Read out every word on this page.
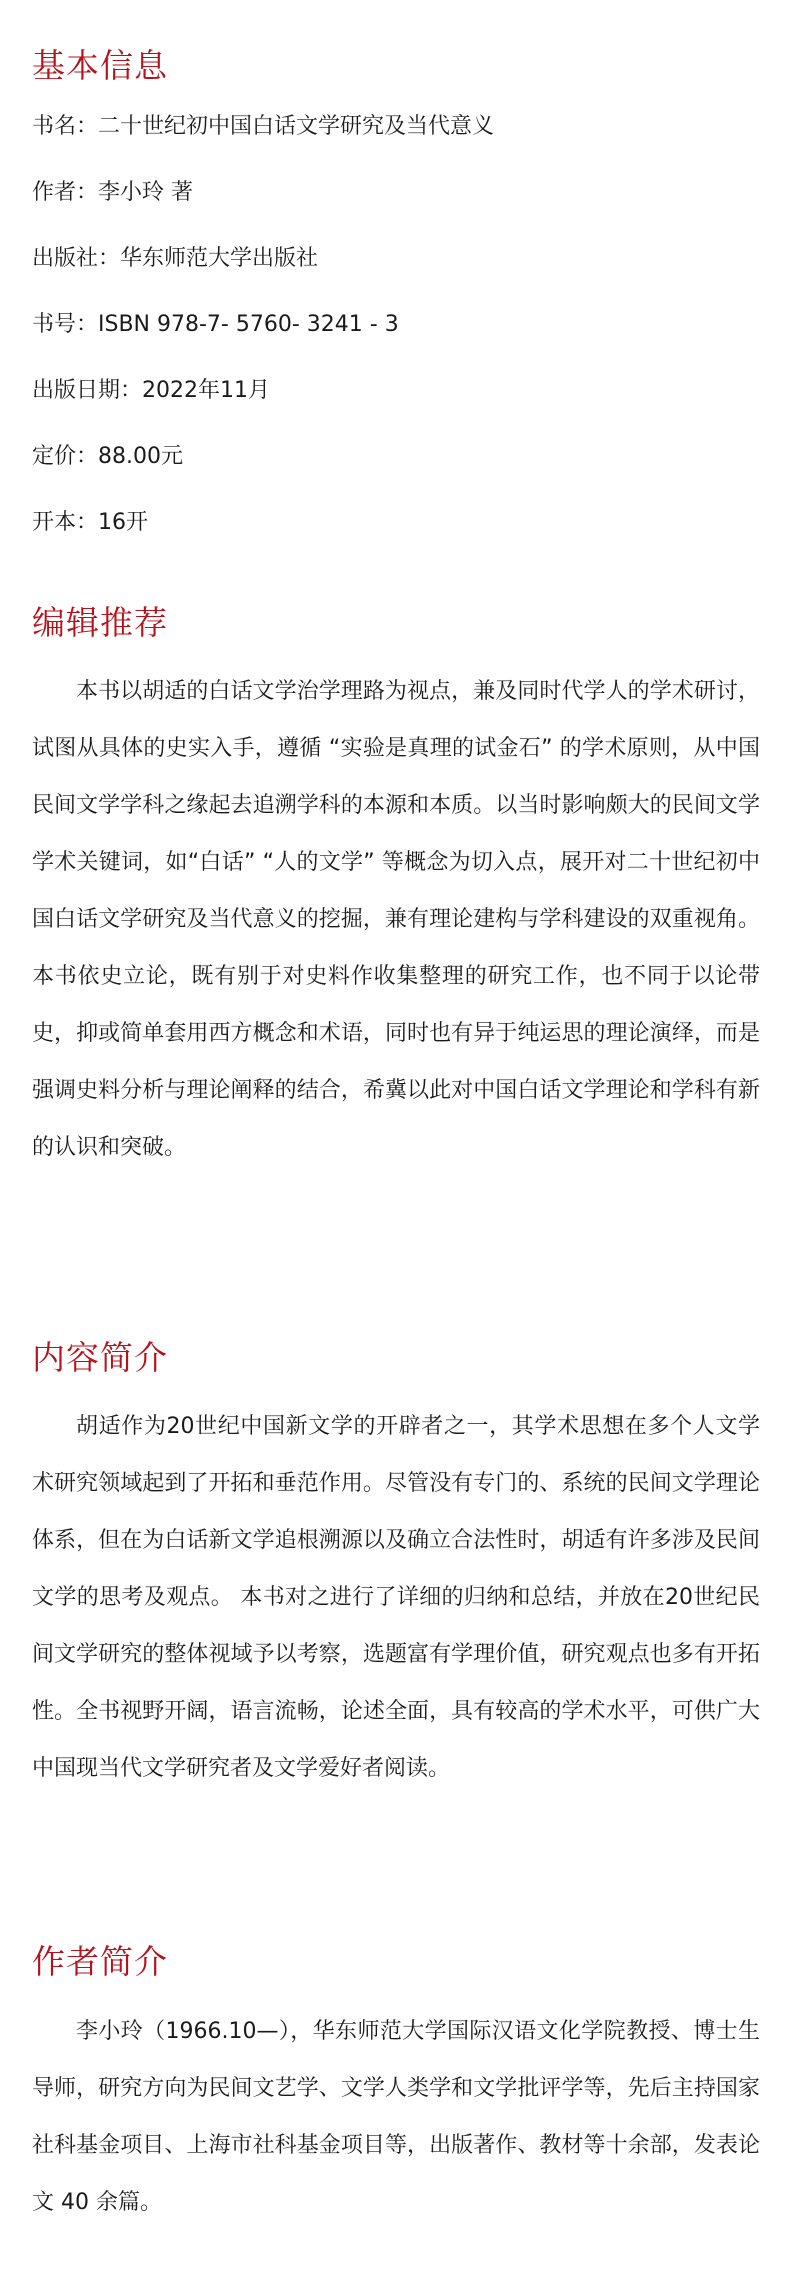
基本信息
书名：二十世纪初中国白话文学研究及当代意义
作者：李小玲 著
出版社：华东师范大学出版社
书号：ISBN 978-7- 5760- 3241 - 3
出版日期：2022年11月
定价：88.00元
开本：16开
编辑推荐

本书以胡适的白话文学治学理路为视点，兼及同时代学人的学术研讨，试图从具体的史实入手，遵循 “实验是真理的试金石” 的学术原则，从中国民间文学学科之缘起去追溯学科的本源和本质。以当时影响颇大的民间文学学术关键词，如“白话” “人的文学” 等概念为切入点，展开对二十世纪初中国白话文学研究及当代意义的挖掘，兼有理论建构与学科建设的双重视角。本书依史立论，既有别于对史料作收集整理的研究工作，也不同于以论带史，抑或简单套用西方概念和术语，同时也有异于纯运思的理论演绎，而是强调史料分析与理论阐释的结合，希冀以此对中国白话文学理论和学科有新的认识和突破。

内容简介

胡适作为20世纪中国新文学的开辟者之一，其学术思想在多个人文学术研究领域起到了开拓和垂范作用。尽管没有专门的、系统的民间文学理论体系，但在为白话新文学追根溯源以及确立合法性时，胡适有许多涉及民间文学的思考及观点。 本书对之进行了详细的归纳和总结，并放在20世纪民间文学研究的整体视域予以考察，选题富有学理价值，研究观点也多有开拓性。全书视野开阔，语言流畅，论述全面，具有较高的学术水平，可供广大中国现当代文学研究者及文学爱好者阅读。

作者简介

李小玲（1966.10—），华东师范大学国际汉语文化学院教授、博士生导师，研究方向为民间文艺学、文学人类学和文学批评学等，先后主持国家社科基金项目、上海市社科基金项目等，出版著作、教材等十余部，发表论文 40 余篇。
